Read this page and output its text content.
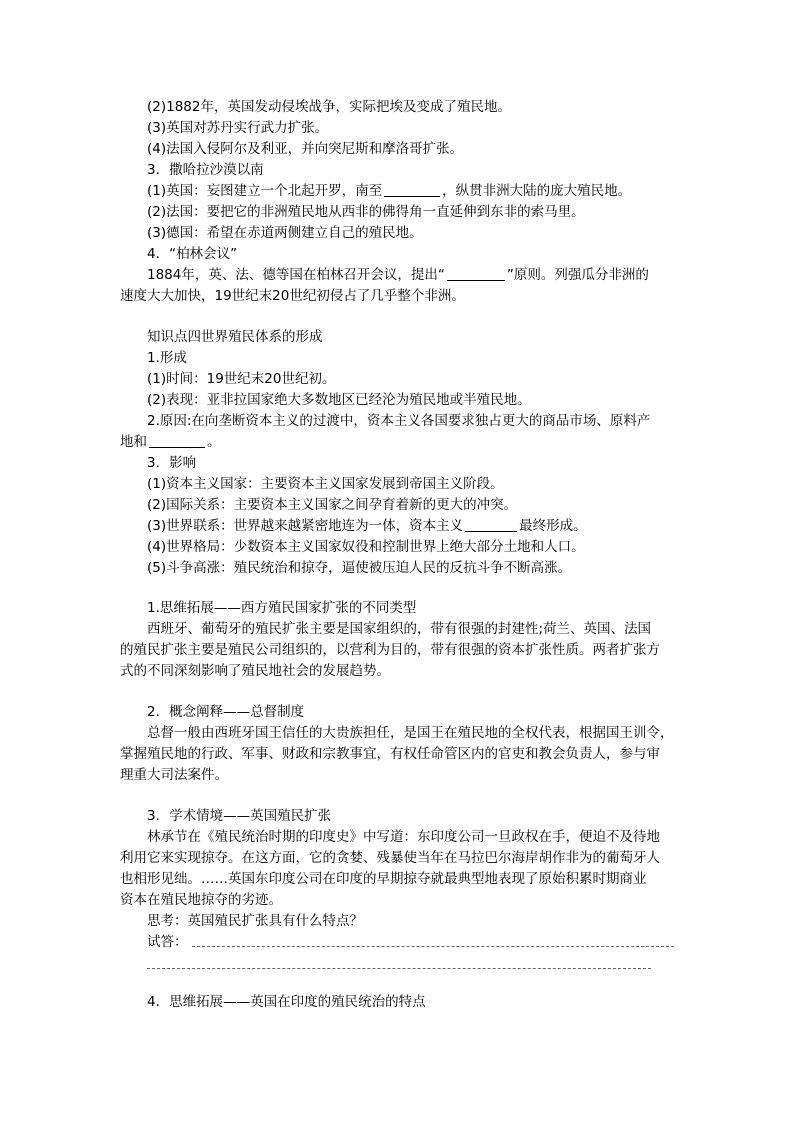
(2)1882年，英国发动侵埃战争，实际把埃及变成了殖民地。
(3)英国对苏丹实行武力扩张。
(4)法国入侵阿尔及利亚，并向突尼斯和摩洛哥扩张。
3．撒哈拉沙漠以南
(1)英国：妄图建立一个北起开罗，南至	，纵贯非洲大陆的庞大殖民地。
(2)法国：要把它的非洲殖民地从西非的佛得角一直延伸到东非的索马里。
(3)德国：希望在赤道两侧建立自己的殖民地。
4．“柏林会议”
1884年，英、法、德等国在柏林召开会议，提出“	”原则。列强瓜分非洲的
速度大大加快，19世纪末20世纪初侵占了几乎整个非洲。
知识点四世界殖民体系的形成
1.形成
(1)时间：19世纪末20世纪初。
(2)表现：亚非拉国家绝大多数地区已经沦为殖民地或半殖民地。
2.原因:在向垄断资本主义的过渡中，资本主义各国要求独占更大的商品市场、原料产
地和	。
3．影响
(1)资本主义国家：主要资本主义国家发展到帝国主义阶段。
(2)国际关系：主要资本主义国家之间孕育着新的更大的冲突。
(3)世界联系：世界越来越紧密地连为一体，资本主义	最终形成。
(4)世界格局：少数资本主义国家奴役和控制世界上绝大部分土地和人口。
(5)斗争高涨：殖民统治和掠夺，逼使被压迫人民的反抗斗争不断高涨。
1.思维拓展——西方殖民国家扩张的不同类型
西班牙、葡萄牙的殖民扩张主要是国家组织的，带有很强的封建性;荷兰、英国、法国
的殖民扩张主要是殖民公司组织的，以营利为目的，带有很强的资本扩张性质。两者扩张方
式的不同深刻影响了殖民地社会的发展趋势。
2．概念阐释——总督制度
总督一般由西班牙国王信任的大贵族担任，是国王在殖民地的全权代表，根据国王训令，
掌握殖民地的行政、军事、财政和宗教事宜，有权任命管区内的官吏和教会负责人，参与审
理重大司法案件。
3．学术情境——英国殖民扩张
林承节在《殖民统治时期的印度史》中写道：东印度公司一旦政权在手，便迫不及待地
利用它来实现掠夺。在这方面，它的贪婪、残暴使当年在马拉巴尔海岸胡作非为的葡萄牙人
也相形见绌。……英国东印度公司在印度的早期掠夺就最典型地表现了原始积累时期商业
资本在殖民地掠夺的劣迹。
思考：英国殖民扩张具有什么特点？
试答：
4．思维拓展——英国在印度的殖民统治的特点
